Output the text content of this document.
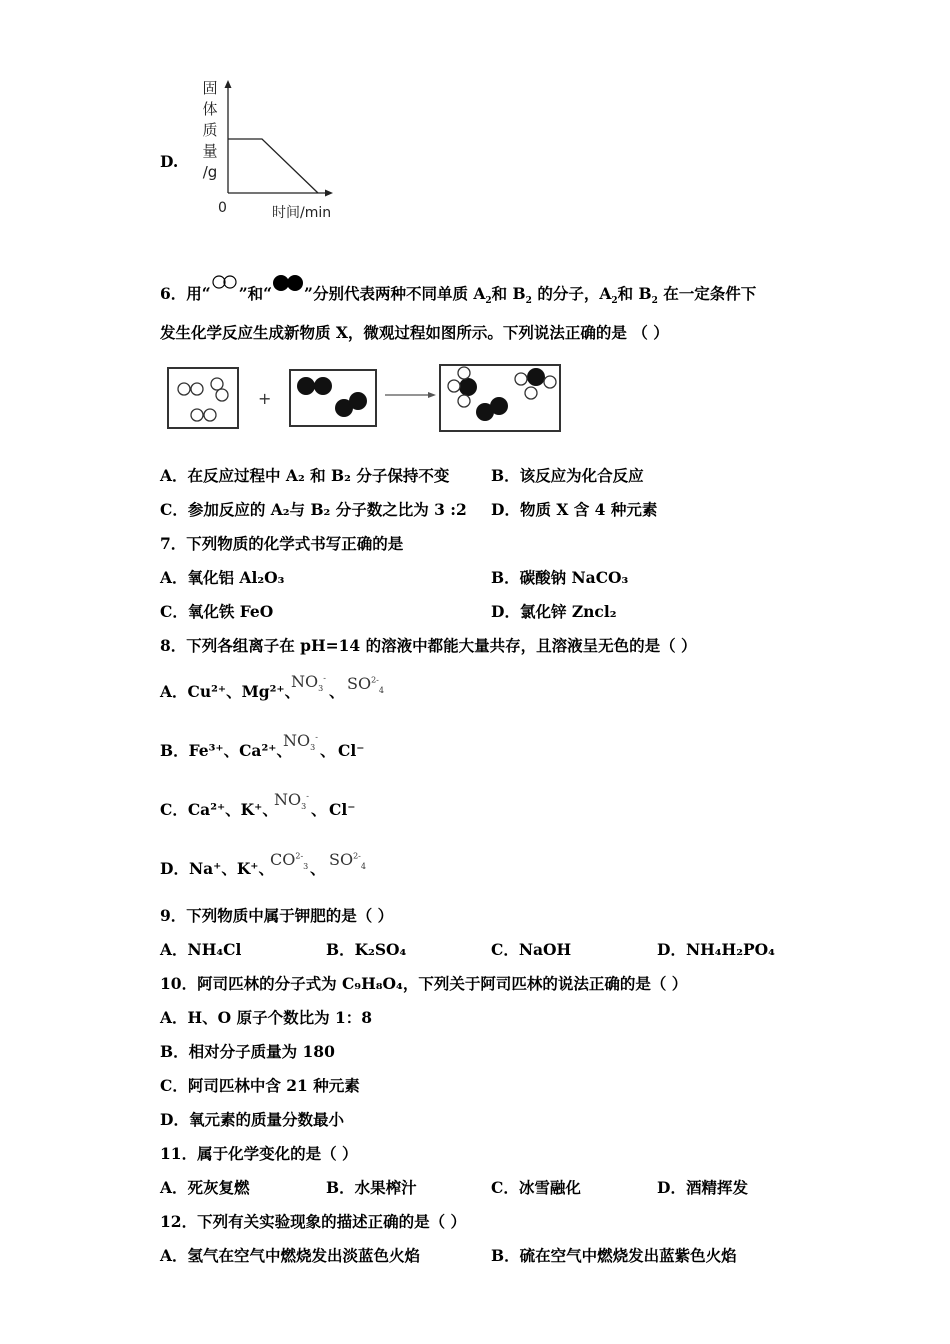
D.
固
体
质
量
/g
0	时间/min
6．用“ ”和“ ”分别代表两种不同单质 $A_2$和 $B_2$ 的分子，$A_2$和 $B_2$ 在一定条件下
发生化学反应生成新物质 X，微观过程如图所示。下列说法正确的是 （ ）
+
A．在反应过程中 A₂ 和 B₂ 分子保持不变	B．该反应为化合反应
C．参加反应的 A₂与 B₂ 分子数之比为 3 :2 D．物质 X 含 4 种元素
7．下列物质的化学式书写正确的是
A．氧化铝 Al₂O₃	B．碳酸钠 NaCO₃
C．氧化铁 FeO	D．氯化锌 Zncl₂
8．下列各组离子在 pH=14 的溶液中都能大量共存，且溶液呈无色的是（ ）
A．Cu²⁺、Mg²⁺、
$NO_3^-$
、 $SO^{2-}_4$
B．Fe³⁺、Ca²⁺、
$NO_3^-$
、 Cl⁻
C．Ca²⁺、K⁺、
$NO_3^-$
、 Cl⁻
D．Na⁺、K⁺、
$CO^{2-}_3$ 、 $SO^{2-}_4$
9．下列物质中属于钾肥的是（ ）
A．NH₄Cl	B．K₂SO₄	C．NaOH	D．NH₄H₂PO₄
10．阿司匹林的分子式为 C₉H₈O₄，下列关于阿司匹林的说法正确的是（ ）
A．H、O 原子个数比为 1：8
B．相对分子质量为 180
C．阿司匹林中含 21 种元素
D．氧元素的质量分数最小
11．属于化学变化的是（ ）
A．死灰复燃	B．水果榨汁	C．冰雪融化	D．酒精挥发
12．下列有关实验现象的描述正确的是（ ）
A．氢气在空气中燃烧发出淡蓝色火焰	B．硫在空气中燃烧发出蓝紫色火焰
